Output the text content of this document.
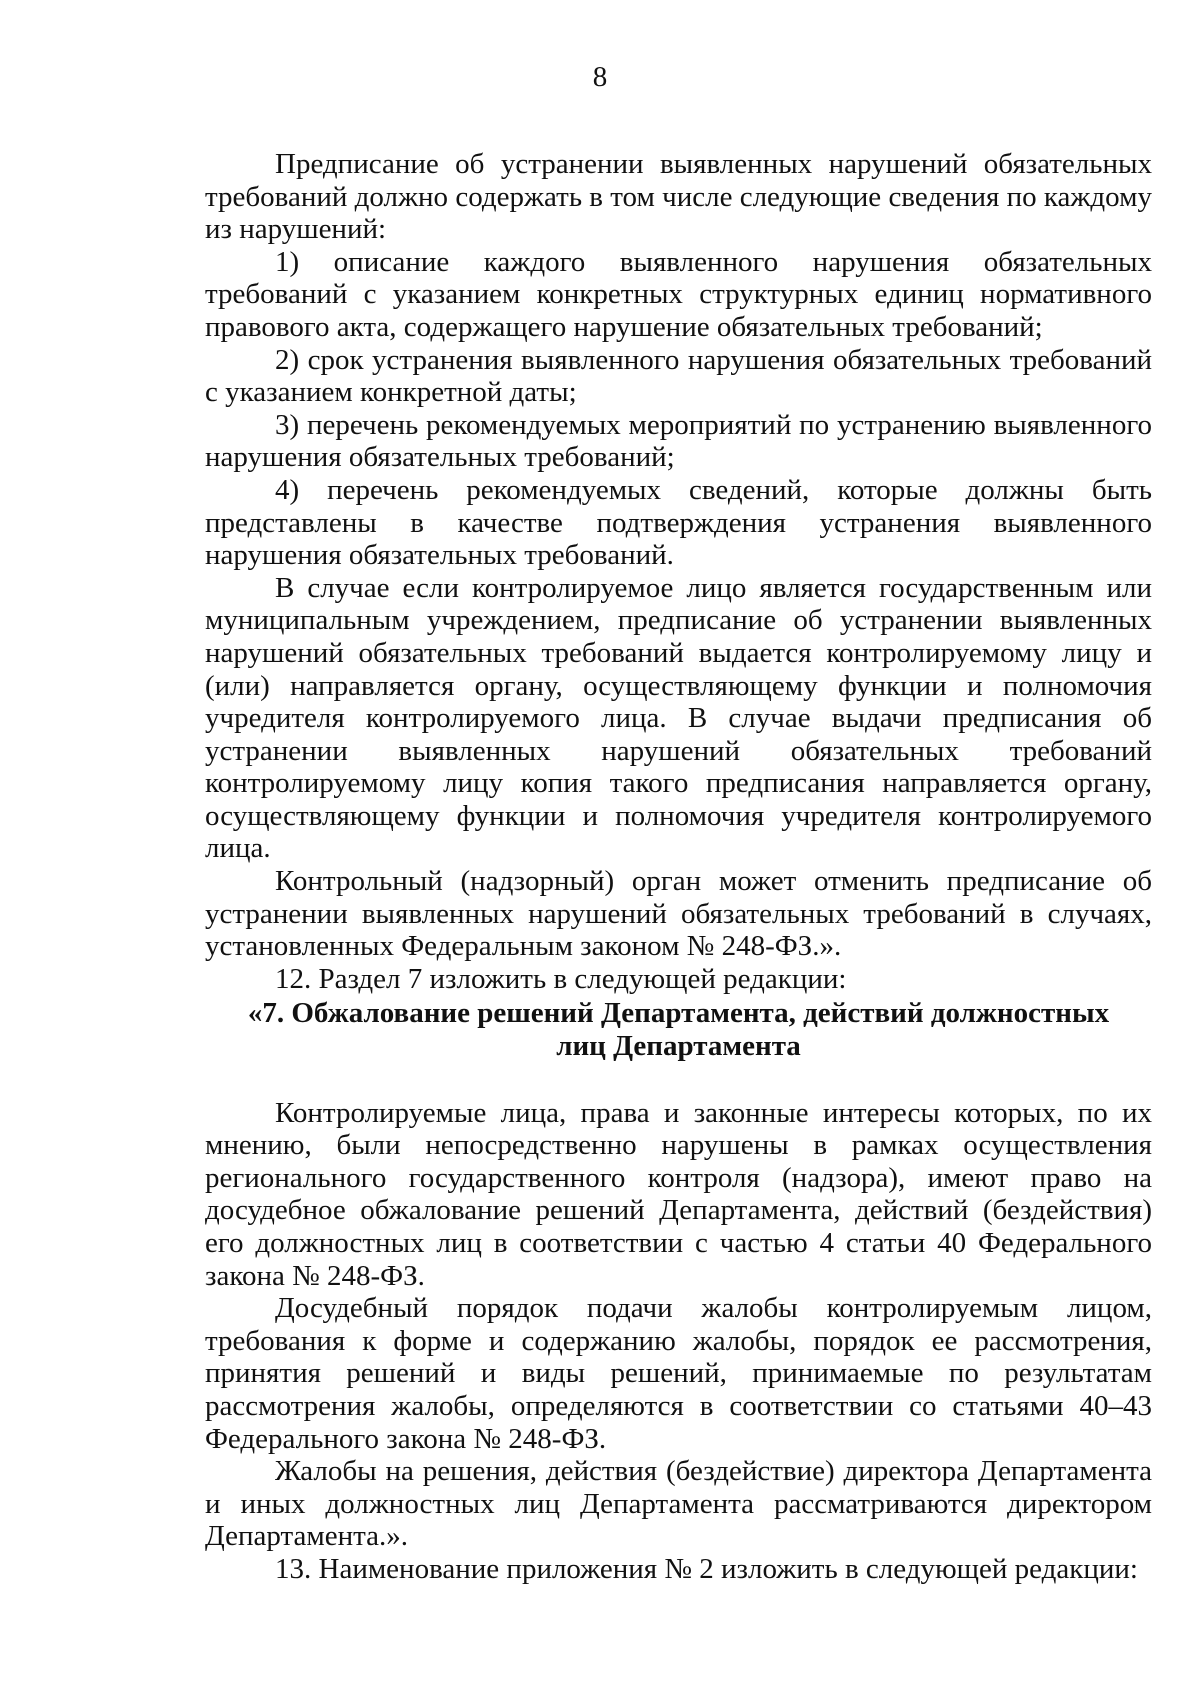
8

Предписание об устранении выявленных нарушений обязательных требований должно содержать в том числе следующие сведения по каждому из нарушений:

1) описание каждого выявленного нарушения обязательных требований с указанием конкретных структурных единиц нормативного правового акта, содержащего нарушение обязательных требований;

2) срок устранения выявленного нарушения обязательных требований с указанием конкретной даты;

3) перечень рекомендуемых мероприятий по устранению выявленного нарушения обязательных требований;

4) перечень рекомендуемых сведений, которые должны быть представлены в качестве подтверждения устранения выявленного нарушения обязательных требований.

В случае если контролируемое лицо является государственным или муниципальным учреждением, предписание об устранении выявленных нарушений обязательных требований выдается контролируемому лицу и (или) направляется органу, осуществляющему функции и полномочия учредителя контролируемого лица. В случае выдачи предписания об устранении выявленных нарушений обязательных требований контролируемому лицу копия такого предписания направляется органу, осуществляющему функции и полномочия учредителя контролируемого лица.

Контрольный (надзорный) орган может отменить предписание об устранении выявленных нарушений обязательных требований в случаях, установленных Федеральным законом № 248-ФЗ.».

12. Раздел 7 изложить в следующей редакции:

«7. Обжалование решений Департамента, действий должностных
лиц Департамента

Контролируемые лица, права и законные интересы которых, по их мнению, были непосредственно нарушены в рамках осуществления регионального государственного контроля (надзора), имеют право на досудебное обжалование решений Департамента, действий (бездействия) его должностных лиц в соответствии с частью 4 статьи 40 Федерального закона № 248-ФЗ.

Досудебный порядок подачи жалобы контролируемым лицом, требования к форме и содержанию жалобы, порядок ее рассмотрения, принятия решений и виды решений, принимаемые по результатам рассмотрения жалобы, определяются в соответствии со статьями 40–43 Федерального закона № 248-ФЗ.

Жалобы на решения, действия (бездействие) директора Департамента и иных должностных лиц Департамента рассматриваются директором Департамента.».

13. Наименование приложения № 2 изложить в следующей редакции:
